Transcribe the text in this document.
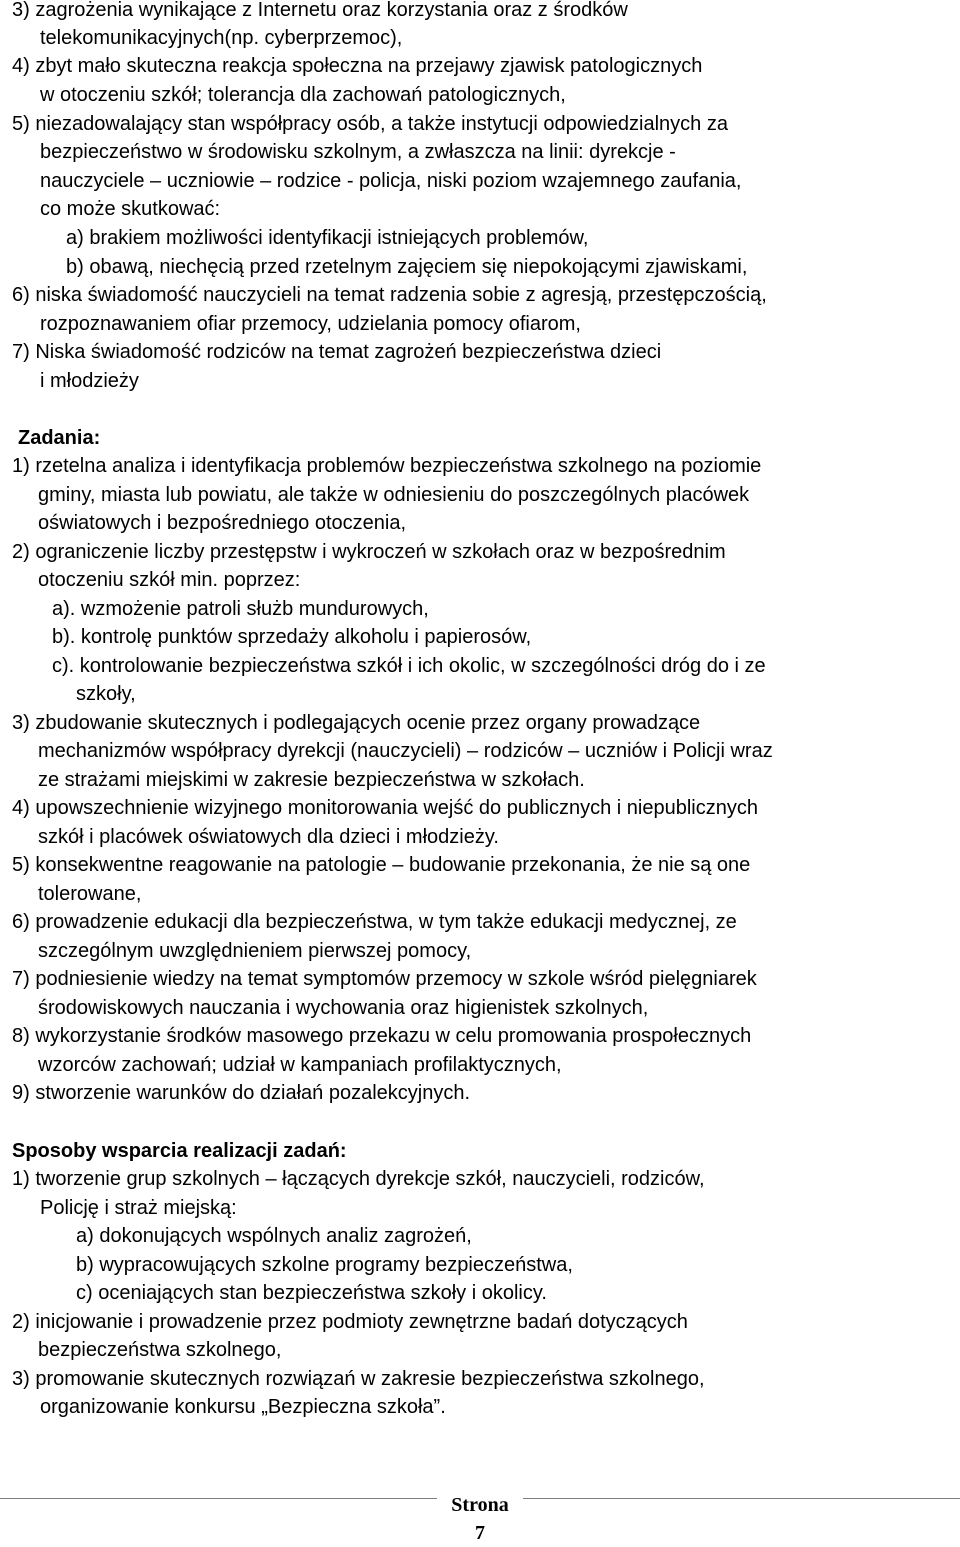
3) zagrożenia wynikające z Internetu oraz korzystania oraz z środków
telekomunikacyjnych(np. cyberprzemoc),
4) zbyt mało skuteczna reakcja społeczna na przejawy zjawisk patologicznych
w otoczeniu szkół; tolerancja dla zachowań patologicznych,
5) niezadowalający stan współpracy osób, a także instytucji odpowiedzialnych za
bezpieczeństwo w środowisku szkolnym, a zwłaszcza na linii: dyrekcje -
nauczyciele – uczniowie – rodzice - policja, niski poziom wzajemnego zaufania,
co może skutkować:
a) brakiem możliwości identyfikacji istniejących problemów,
b) obawą, niechęcią przed rzetelnym zajęciem się niepokojącymi zjawiskami,
6) niska świadomość nauczycieli na temat radzenia sobie z agresją, przestępczością,
rozpoznawaniem ofiar przemocy, udzielania pomocy ofiarom,
7) Niska świadomość rodziców na temat zagrożeń bezpieczeństwa dzieci
i młodzieży
Zadania:
1) rzetelna analiza i identyfikacja problemów bezpieczeństwa szkolnego na poziomie
gminy, miasta lub powiatu, ale także w odniesieniu do poszczególnych placówek
oświatowych i bezpośredniego otoczenia,
2) ograniczenie liczby przestępstw i wykroczeń w szkołach oraz w bezpośrednim
otoczeniu szkół min. poprzez:
a). wzmożenie patroli służb mundurowych,
b). kontrolę punktów sprzedaży alkoholu i papierosów,
c). kontrolowanie bezpieczeństwa szkół i ich okolic, w szczególności dróg do i ze
szkoły,
3) zbudowanie skutecznych i podlegających ocenie przez organy prowadzące
mechanizmów współpracy dyrekcji (nauczycieli) – rodziców – uczniów i Policji wraz
ze strażami miejskimi w zakresie bezpieczeństwa w szkołach.
4) upowszechnienie wizyjnego monitorowania wejść do publicznych i niepublicznych
szkół i placówek oświatowych dla dzieci i młodzieży.
5) konsekwentne reagowanie na patologie – budowanie przekonania, że nie są one
tolerowane,
6) prowadzenie edukacji dla bezpieczeństwa, w tym także edukacji medycznej, ze
szczególnym uwzględnieniem pierwszej pomocy,
7) podniesienie wiedzy na temat symptomów przemocy w szkole wśród pielęgniarek
środowiskowych nauczania i wychowania oraz higienistek szkolnych,
8) wykorzystanie środków masowego przekazu w celu promowania prospołecznych
wzorców zachowań; udział w kampaniach profilaktycznych,
9) stworzenie warunków do działań pozalekcyjnych.
Sposoby wsparcia realizacji zadań:
1) tworzenie grup szkolnych – łączących dyrekcje szkół, nauczycieli, rodziców,
Policję i straż miejską:
a) dokonujących wspólnych analiz zagrożeń,
b) wypracowujących szkolne programy bezpieczeństwa,
c) oceniających stan bezpieczeństwa szkoły i okolicy.
2) inicjowanie i prowadzenie przez podmioty zewnętrzne badań dotyczących
bezpieczeństwa szkolnego,
3) promowanie skutecznych rozwiązań w zakresie bezpieczeństwa szkolnego,
organizowanie konkursu „Bezpieczna szkoła”.
Strona
7
